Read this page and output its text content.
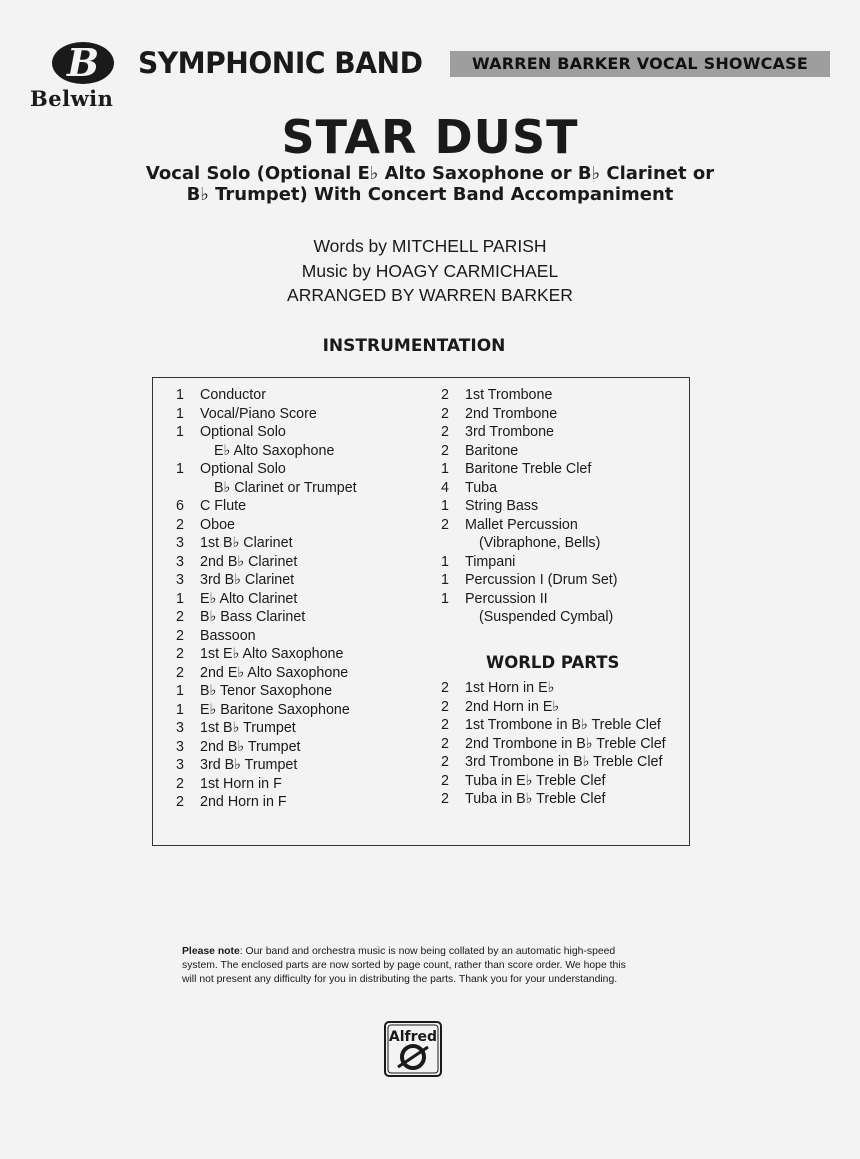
B
Belwin
SYMPHONIC BAND	WARREN BARKER VOCAL SHOWCASE
STAR DUST
Vocal Solo (Optional E♭ Alto Saxophone or B♭ Clarinet or
B♭ Trumpet) With Concert Band Accompaniment
Words by MITCHELL PARISH
Music by HOAGY CARMICHAEL
ARRANGED BY WARREN BARKER
INSTRUMENTATION
1 Conductor
1 Vocal/Piano Score
1 Optional Solo
E♭ Alto Saxophone
1 Optional Solo
B♭ Clarinet or Trumpet
6 C Flute
2 Oboe
3 1st B♭ Clarinet
3 2nd B♭ Clarinet
3 3rd B♭ Clarinet
1 E♭ Alto Clarinet
2 B♭ Bass Clarinet
2 Bassoon
2 1st E♭ Alto Saxophone
2 2nd E♭ Alto Saxophone
1 B♭ Tenor Saxophone
1 E♭ Baritone Saxophone
3 1st B♭ Trumpet
3 2nd B♭ Trumpet
3 3rd B♭ Trumpet
2 1st Horn in F
2 2nd Horn in F
2 1st Trombone
2 2nd Trombone
2 3rd Trombone
2 Baritone
1 Baritone Treble Clef
4 Tuba
1 String Bass
2 Mallet Percussion
(Vibraphone, Bells)
1 Timpani
1 Percussion I (Drum Set)
1 Percussion II
(Suspended Cymbal)
WORLD PARTS
2 1st Horn in E♭
2 2nd Horn in E♭
2 1st Trombone in B♭ Treble Clef
2 2nd Trombone in B♭ Treble Clef
2 3rd Trombone in B♭ Treble Clef
2 Tuba in E♭ Treble Clef
2 Tuba in B♭ Treble Clef
Please note: Our band and orchestra music is now being collated by an automatic high-speed
system. The enclosed parts are now sorted by page count, rather than score order. We hope this
will not present any difficulty for you in distributing the parts. Thank you for your understanding.
Alfred
